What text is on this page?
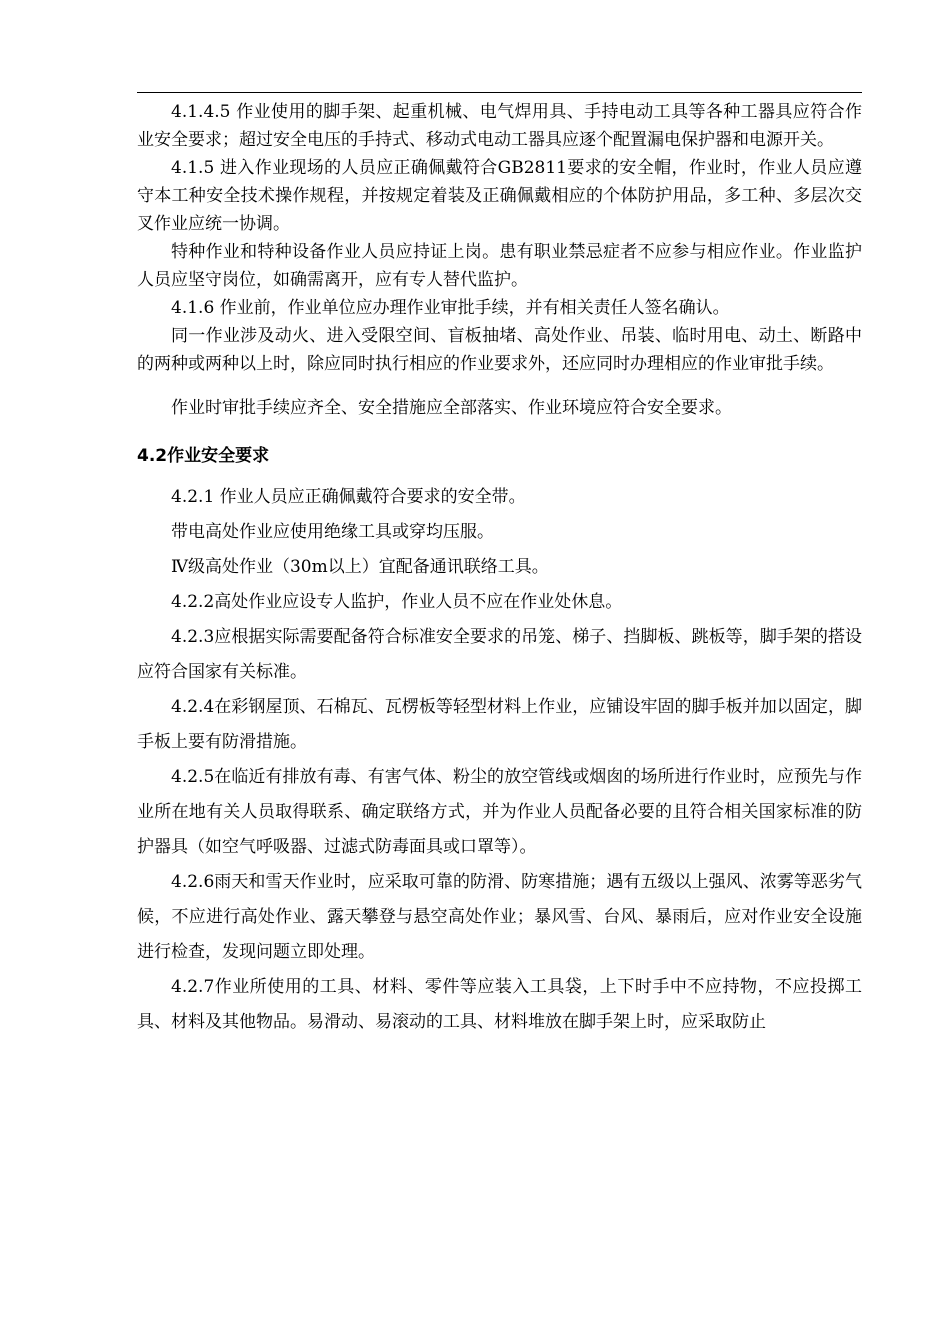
4.1.4.5 作业使用的脚手架、起重机械、电气焊用具、手持电动工具等各种工器具应符合作业安全要求；超过安全电压的手持式、移动式电动工器具应逐个配置漏电保护器和电源开关。

4.1.5 进入作业现场的人员应正确佩戴符合GB2811要求的安全帽，作业时，作业人员应遵守本工种安全技术操作规程，并按规定着装及正确佩戴相应的个体防护用品，多工种、多层次交叉作业应统一协调。

特种作业和特种设备作业人员应持证上岗。患有职业禁忌症者不应参与相应作业。作业监护人员应坚守岗位，如确需离开，应有专人替代监护。

4.1.6 作业前，作业单位应办理作业审批手续，并有相关责任人签名确认。

同一作业涉及动火、进入受限空间、盲板抽堵、高处作业、吊装、临时用电、动土、断路中的两种或两种以上时，除应同时执行相应的作业要求外，还应同时办理相应的作业审批手续。

作业时审批手续应齐全、安全措施应全部落实、作业环境应符合安全要求。

4.2作业安全要求

4.2.1 作业人员应正确佩戴符合要求的安全带。

带电高处作业应使用绝缘工具或穿均压服。

Ⅳ级高处作业（30m以上）宜配备通讯联络工具。

4.2.2高处作业应设专人监护，作业人员不应在作业处休息。

4.2.3应根据实际需要配备符合标准安全要求的吊笼、梯子、挡脚板、跳板等，脚手架的搭设应符合国家有关标准。

4.2.4在彩钢屋顶、石棉瓦、瓦楞板等轻型材料上作业，应铺设牢固的脚手板并加以固定，脚手板上要有防滑措施。

4.2.5在临近有排放有毒、有害气体、粉尘的放空管线或烟囱的场所进行作业时，应预先与作业所在地有关人员取得联系、确定联络方式，并为作业人员配备必要的且符合相关国家标准的防护器具（如空气呼吸器、过滤式防毒面具或口罩等）。

4.2.6雨天和雪天作业时，应采取可靠的防滑、防寒措施；遇有五级以上强风、浓雾等恶劣气候，不应进行高处作业、露天攀登与悬空高处作业；暴风雪、台风、暴雨后，应对作业安全设施进行检查，发现问题立即处理。

4.2.7作业所使用的工具、材料、零件等应装入工具袋，上下时手中不应持物，不应投掷工具、材料及其他物品。易滑动、易滚动的工具、材料堆放在脚手架上时，应采取防止
